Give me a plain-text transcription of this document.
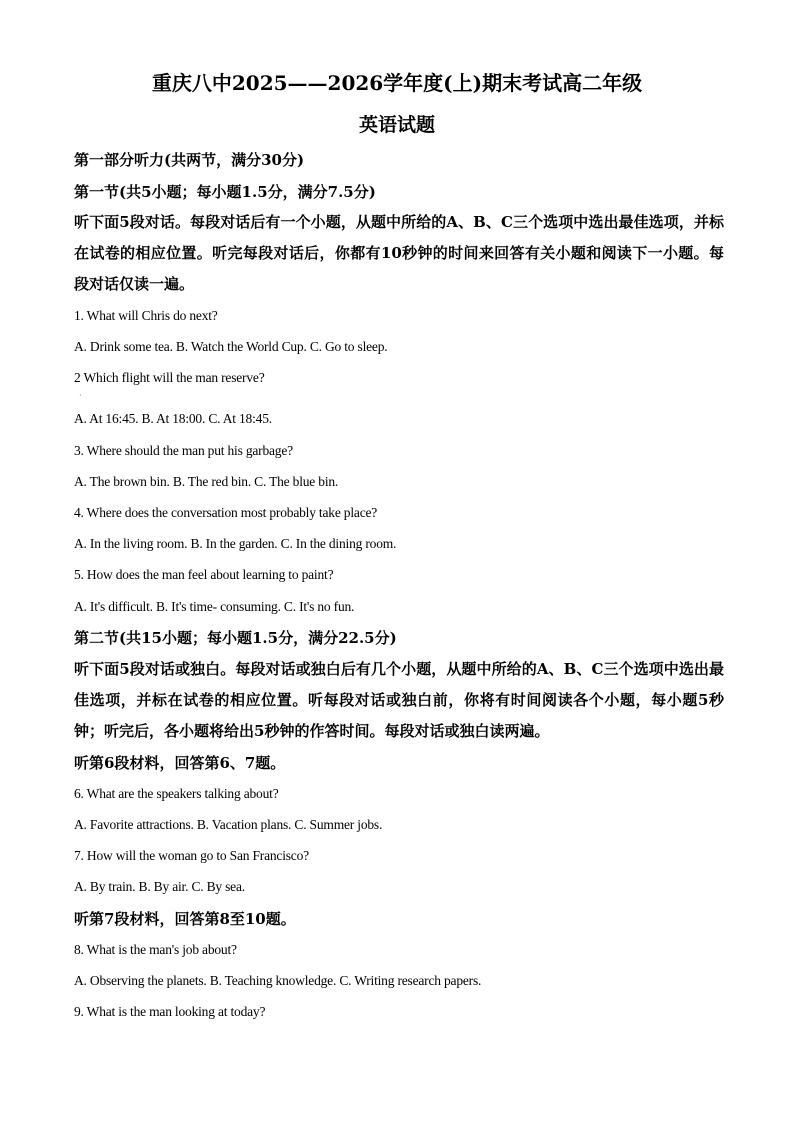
重庆八中2025——2026学年度(上)期末考试高二年级
英语试题
第一部分听力(共两节，满分30分)
第一节(共5小题；每小题1.5分，满分7.5分)
听下面5段对话。每段对话后有一个小题，从题中所给的A、B、C三个选项中选出最佳选项，并标在试卷的相应位置。听完每段对话后，你都有10秒钟的时间来回答有关小题和阅读下一小题。每段对话仅读一遍。
1. What will Chris do next?
A. Drink some tea. B. Watch the World Cup. C. Go to sleep.
2 Which flight will the man reserve?
·
A. At 16:45. B. At 18:00. C. At 18:45.
3. Where should the man put his garbage?
A. The brown bin. B. The red bin. C. The blue bin.
4. Where does the conversation most probably take place?
A. In the living room. B. In the garden. C. In the dining room.
5. How does the man feel about learning to paint?
A. It's difficult. B. It's time- consuming. C. It's no fun.
第二节(共15小题；每小题1.5分，满分22.5分)
听下面5段对话或独白。每段对话或独白后有几个小题，从题中所给的A、B、C三个选项中选出最佳选项，并标在试卷的相应位置。听每段对话或独白前，你将有时间阅读各个小题，每小题5秒钟；听完后，各小题将给出5秒钟的作答时间。每段对话或独白读两遍。
听第6段材料，回答第6、7题。
6. What are the speakers talking about?
A. Favorite attractions. B. Vacation plans. C. Summer jobs.
7. How will the woman go to San Francisco?
A. By train. B. By air. C. By sea.
听第7段材料，回答第8至10题。
8. What is the man's job about?
A. Observing the planets. B. Teaching knowledge. C. Writing research papers.
9. What is the man looking at today?
